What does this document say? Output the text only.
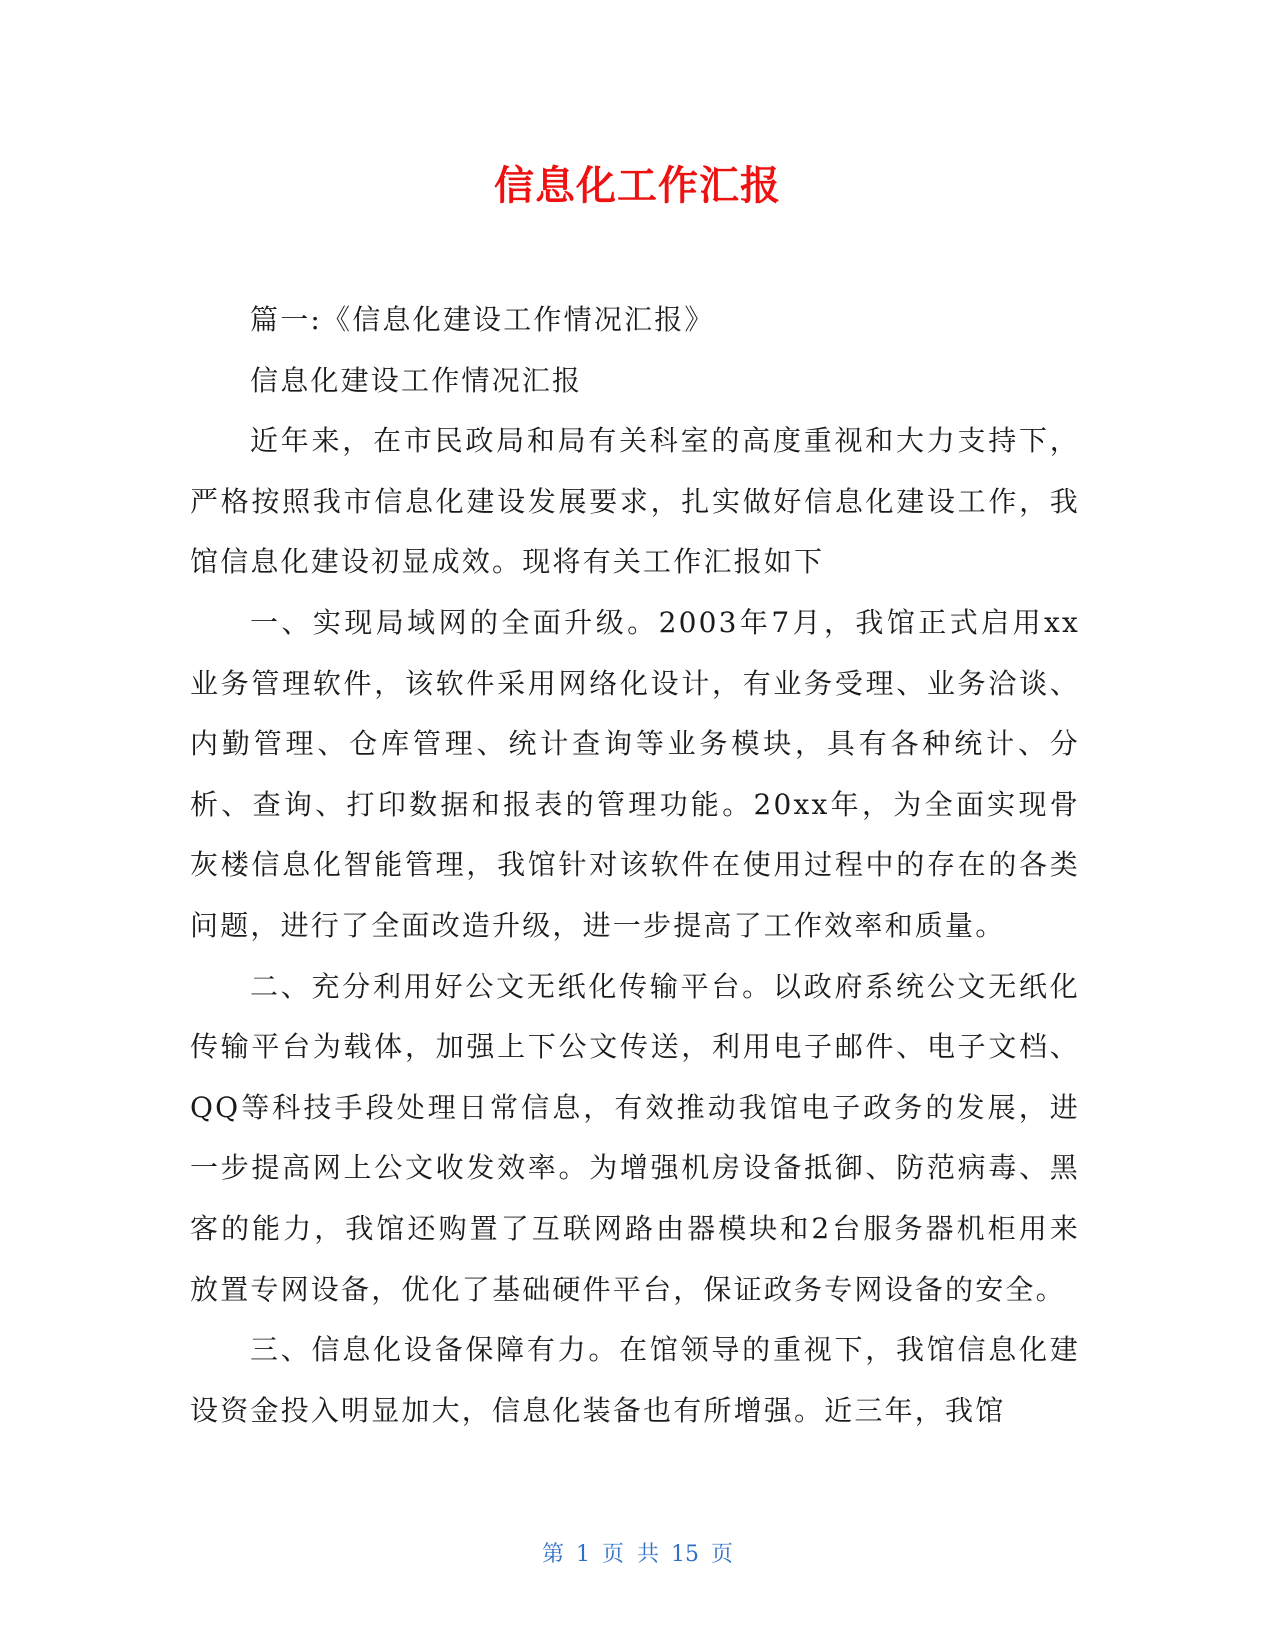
信息化工作汇报

篇一:《信息化建设工作情况汇报》

信息化建设工作情况汇报

近年来，在市民政局和局有关科室的高度重视和大力支持下，严格按照我市信息化建设发展要求，扎实做好信息化建设工作，我馆信息化建设初显成效。现将有关工作汇报如下

一、实现局域网的全面升级。2003年7月，我馆正式启用xx业务管理软件，该软件采用网络化设计，有业务受理、业务洽谈、内勤管理、仓库管理、统计查询等业务模块，具有各种统计、分析、查询、打印数据和报表的管理功能。20xx年，为全面实现骨灰楼信息化智能管理，我馆针对该软件在使用过程中的存在的各类问题，进行了全面改造升级，进一步提高了工作效率和质量。

二、充分利用好公文无纸化传输平台。以政府系统公文无纸化传输平台为载体，加强上下公文传送，利用电子邮件、电子文档、QQ等科技手段处理日常信息，有效推动我馆电子政务的发展，进一步提高网上公文收发效率。为增强机房设备抵御、防范病毒、黑客的能力，我馆还购置了互联网路由器模块和2台服务器机柜用来放置专网设备，优化了基础硬件平台，保证政务专网设备的安全。

三、信息化设备保障有力。在馆领导的重视下，我馆信息化建设资金投入明显加大，信息化装备也有所增强。近三年，我馆

第 1 页 共 15 页
